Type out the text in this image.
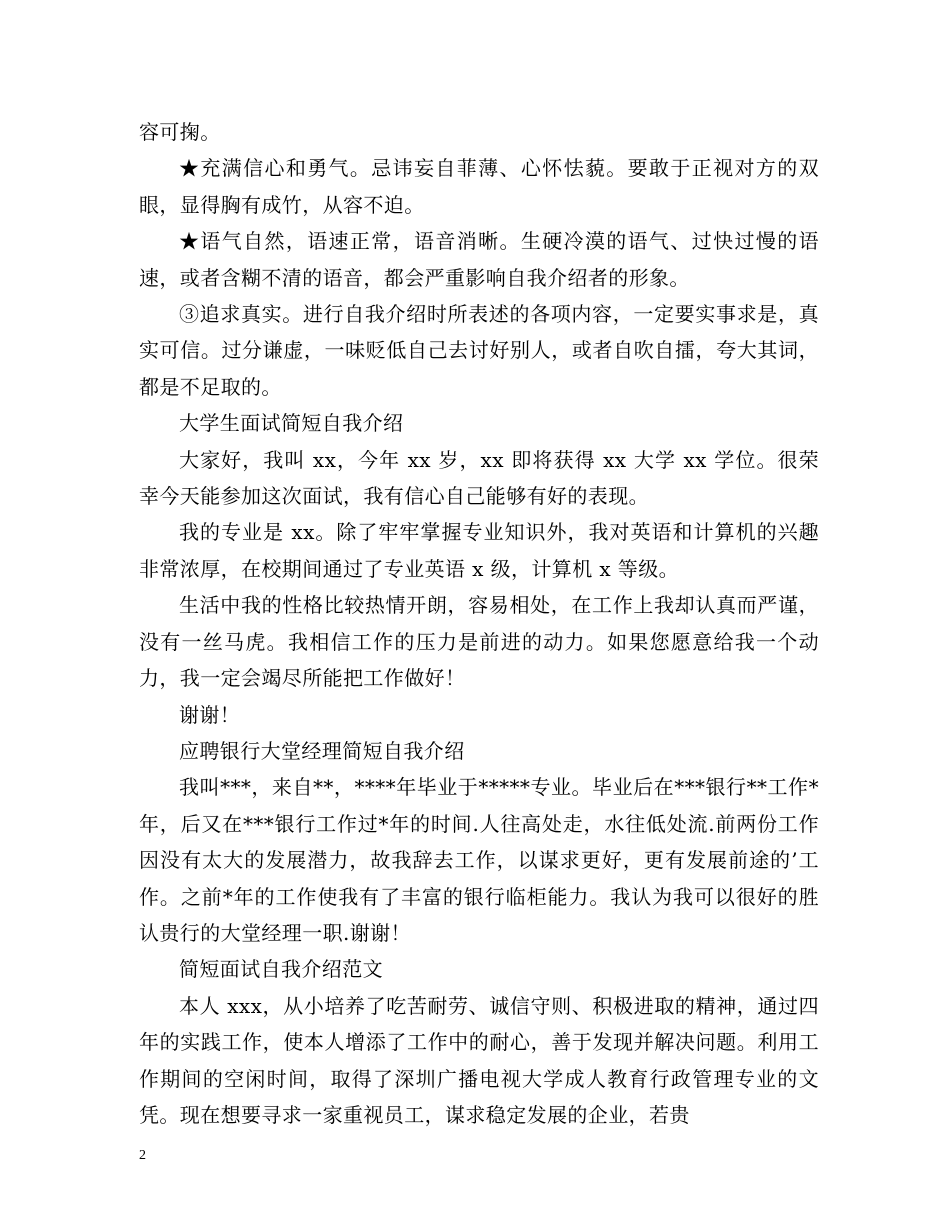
容可掬。

★充满信心和勇气。忌讳妄自菲薄、心怀怯藐。要敢于正视对方的双眼，显得胸有成竹，从容不迫。

★语气自然，语速正常，语音消晰。生硬冷漠的语气、过快过慢的语速，或者含糊不清的语音，都会严重影响自我介绍者的形象。

③追求真实。进行自我介绍时所表述的各项内容，一定要实事求是，真实可信。过分谦虚，一味贬低自己去讨好别人，或者自吹自擂，夸大其词，都是不足取的。

大学生面试简短自我介绍

大家好，我叫 xx，今年 xx 岁，xx 即将获得 xx 大学 xx 学位。很荣幸今天能参加这次面试，我有信心自己能够有好的表现。

我的专业是 xx。除了牢牢掌握专业知识外，我对英语和计算机的兴趣非常浓厚，在校期间通过了专业英语 x 级，计算机 x 等级。

生活中我的性格比较热情开朗，容易相处，在工作上我却认真而严谨，没有一丝马虎。我相信工作的压力是前进的动力。如果您愿意给我一个动力，我一定会竭尽所能把工作做好！

谢谢！

应聘银行大堂经理简短自我介绍

我叫***，来自**，****年毕业于*****专业。毕业后在***银行**工作*年，后又在***银行工作过*年的时间.人往高处走，水往低处流.前两份工作因没有太大的发展潜力，故我辞去工作，以谋求更好，更有发展前途的’工作。之前*年的工作使我有了丰富的银行临柜能力。我认为我可以很好的胜认贵行的大堂经理一职.谢谢！

简短面试自我介绍范文

本人 xxx，从小培养了吃苦耐劳、诚信守则、积极进取的精神，通过四年的实践工作，使本人增添了工作中的耐心，善于发现并解决问题。利用工作期间的空闲时间，取得了深圳广播电视大学成人教育行政管理专业的文凭。现在想要寻求一家重视员工，谋求稳定发展的企业，若贵

2
